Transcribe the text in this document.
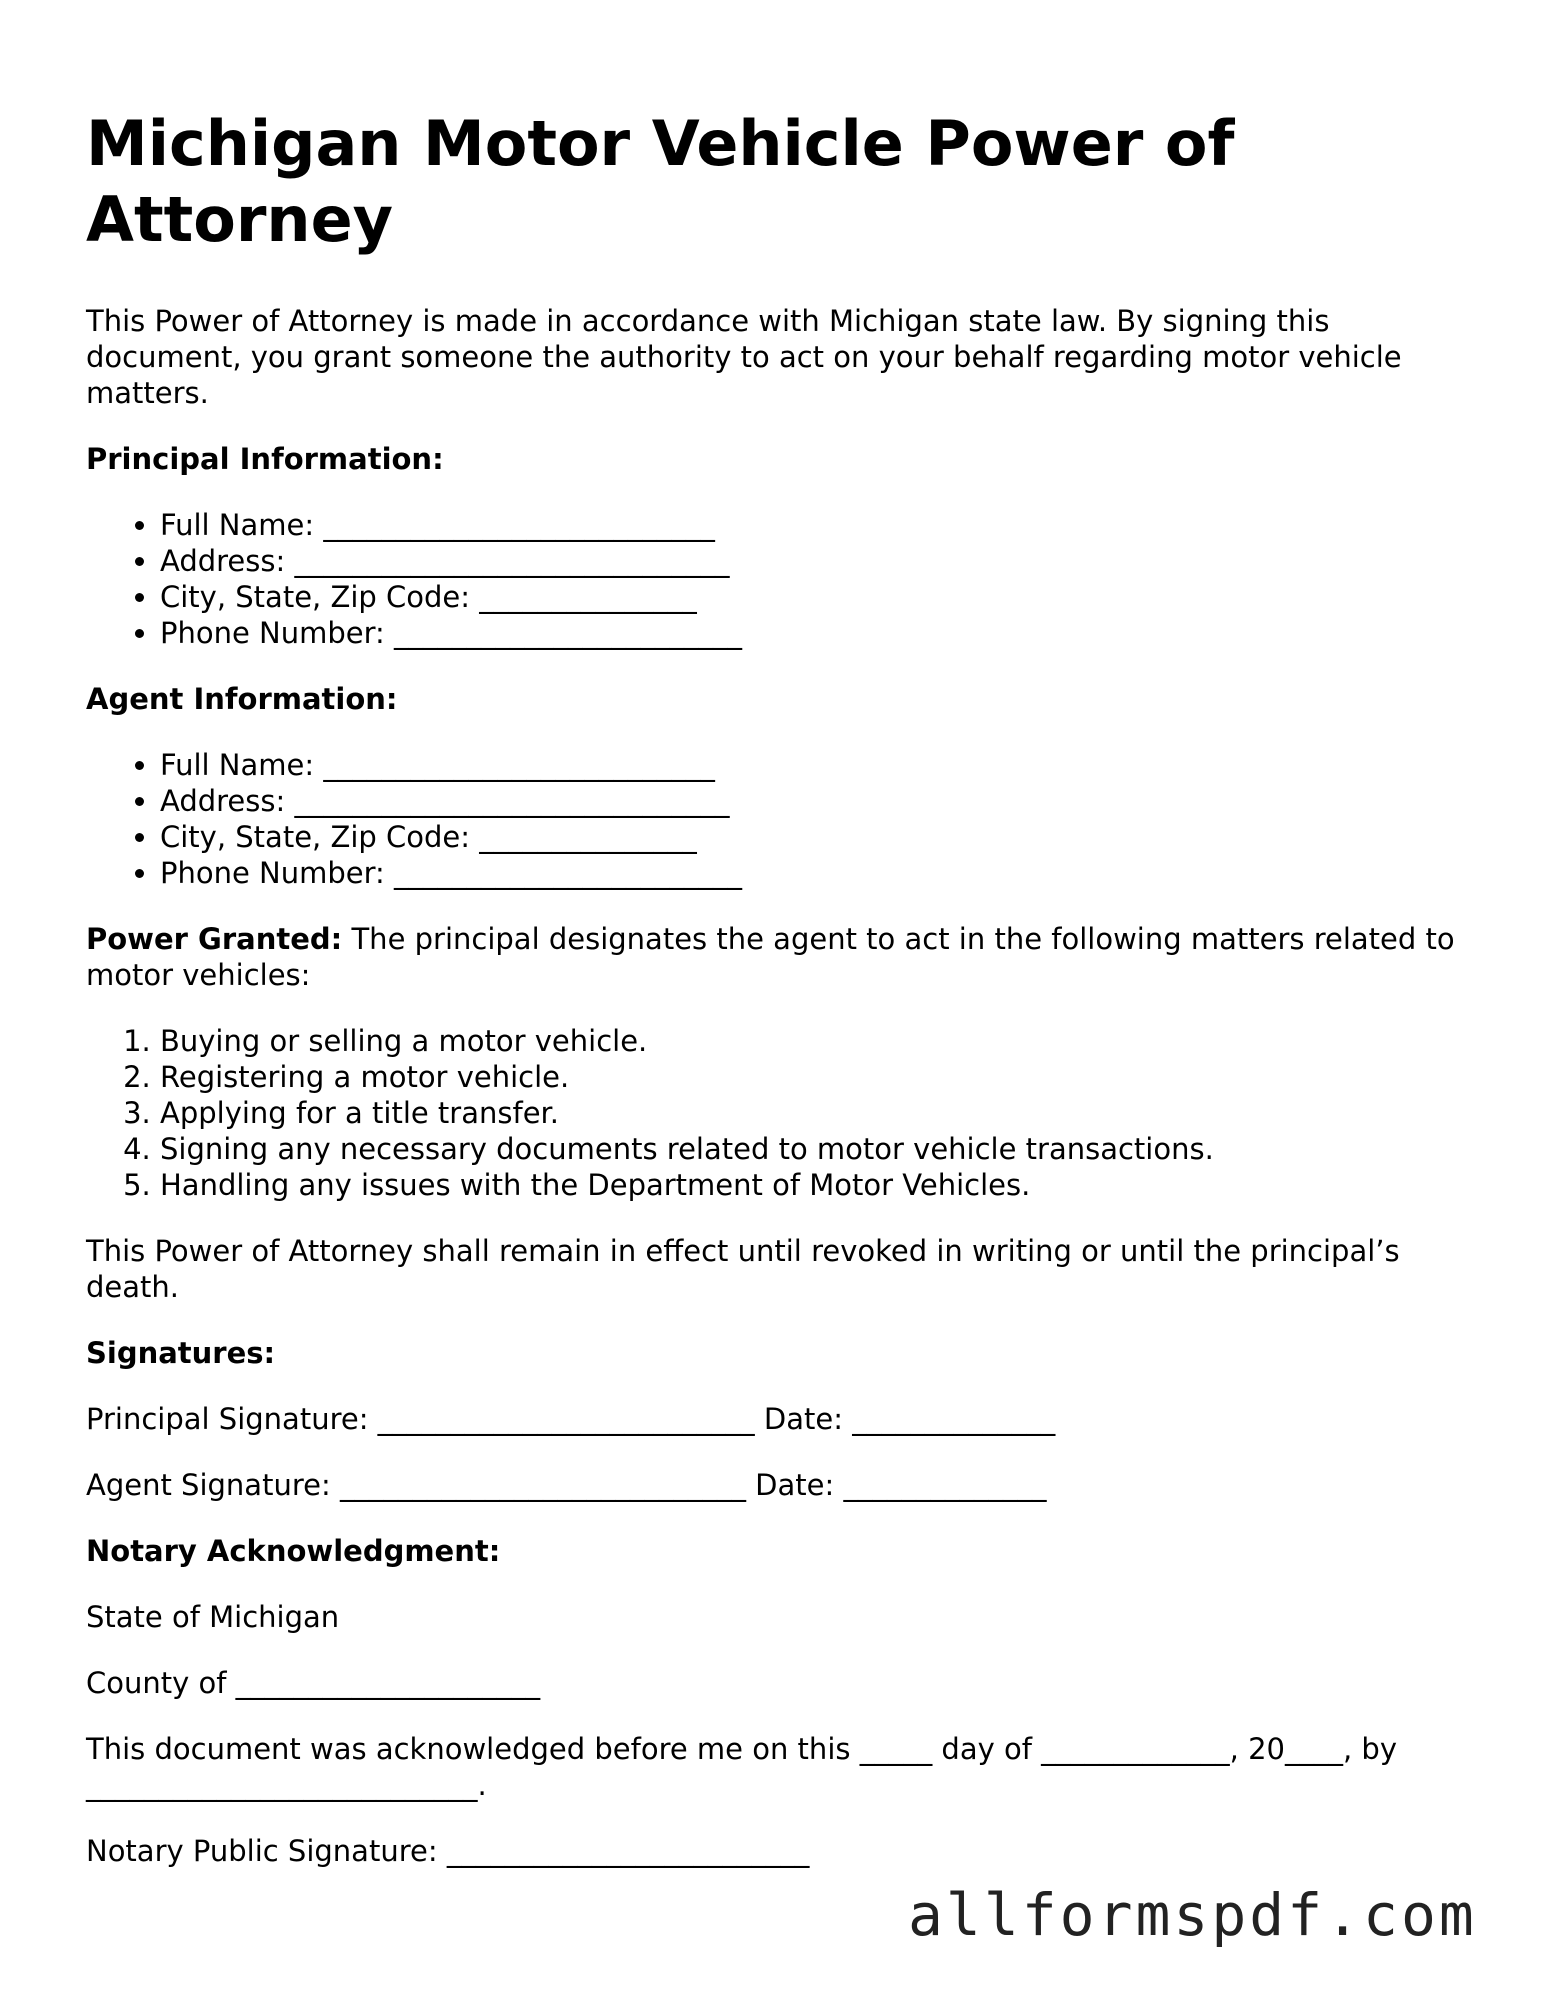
Michigan Motor Vehicle Power of Attorney

This Power of Attorney is made in accordance with Michigan state law. By signing this document, you grant someone the authority to act on your behalf regarding motor vehicle matters.

Principal Information:
• Full Name: ___________________________
• Address: ______________________________
• City, State, Zip Code: _______________
• Phone Number: ________________________
Agent Information:
• Full Name: ___________________________
• Address: ______________________________
• City, State, Zip Code: _______________
• Phone Number: ________________________

Power Granted: The principal designates the agent to act in the following matters related to motor vehicles:

1. Buying or selling a motor vehicle.
2. Registering a motor vehicle.
3. Applying for a title transfer.
4. Signing any necessary documents related to motor vehicle transactions.
5. Handling any issues with the Department of Motor Vehicles.

This Power of Attorney shall remain in effect until revoked in writing or until the principal’s death.

Signatures:

Principal Signature: __________________________ Date: ______________

Agent Signature: ____________________________ Date: ______________

Notary Acknowledgment:

State of Michigan

County of _____________________

This document was acknowledged before me on this _____ day of _____________, 20____, by ___________________________.

Notary Public Signature: _________________________

allformspdf.com
